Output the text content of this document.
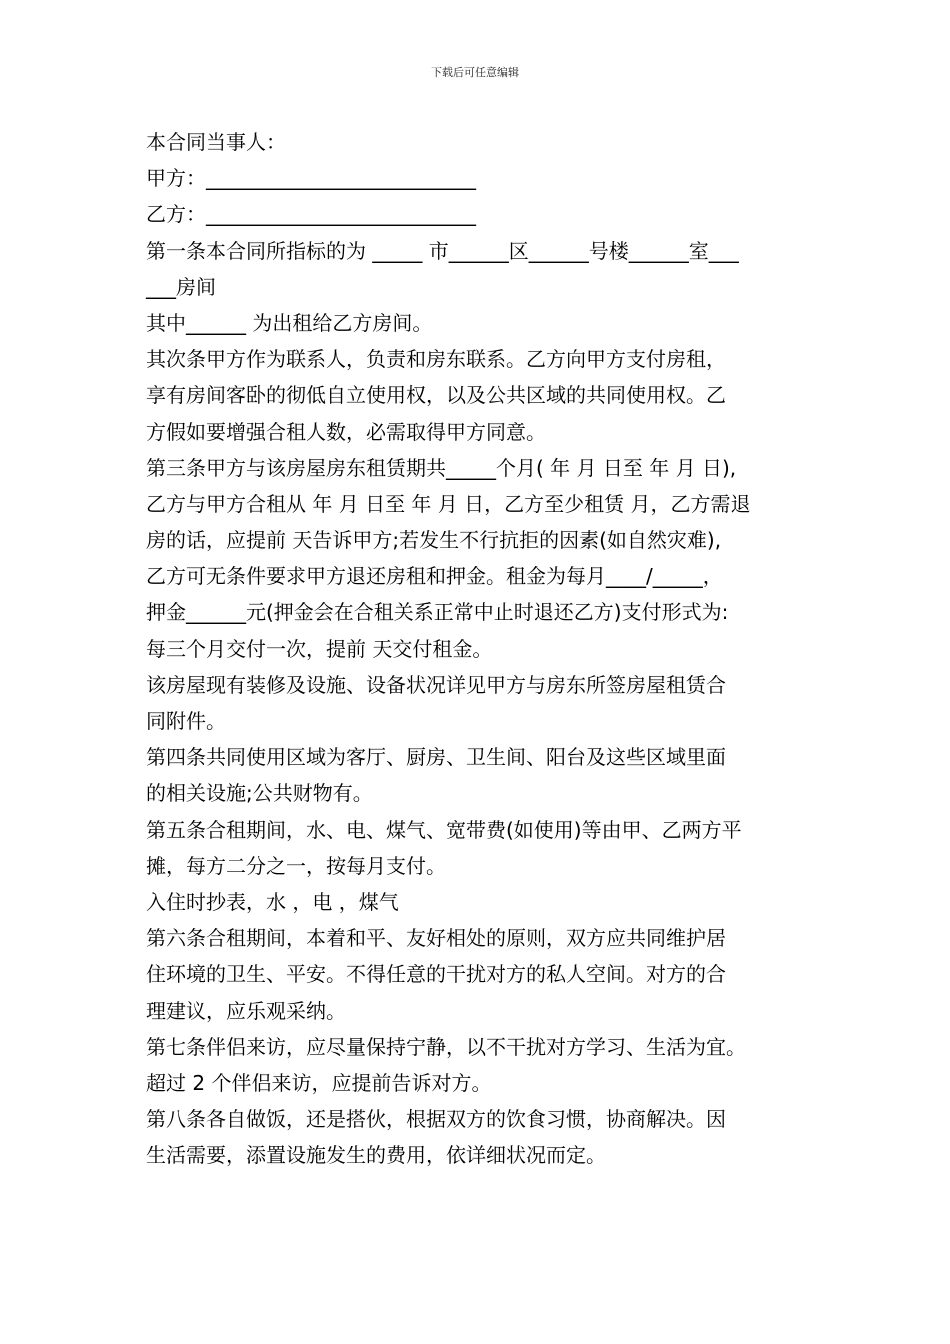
下载后可任意编辑
本合同当事人：
甲方：___________________________
乙方：___________________________
第一条本合同所指标的为 _____ 市______区______号楼______室___
___房间
其中______ 为出租给乙方房间。
其次条甲方作为联系人，负责和房东联系。乙方向甲方支付房租，
享有房间客卧的彻低自立使用权，以及公共区域的共同使用权。乙
方假如要增强合租人数，必需取得甲方同意。
第三条甲方与该房屋房东租赁期共_____个月( 年 月 日至 年 月 日),
乙方与甲方合租从 年 月 日至 年 月 日，乙方至少租赁 月，乙方需退
房的话，应提前 天告诉甲方;若发生不行抗拒的因素(如自然灾难),
乙方可无条件要求甲方退还房租和押金。租金为每月____/_____，
押金______元(押金会在合租关系正常中止时退还乙方)支付形式为:
每三个月交付一次，提前 天交付租金。
该房屋现有装修及设施、设备状况详见甲方与房东所签房屋租赁合
同附件。
第四条共同使用区域为客厅、厨房、卫生间、阳台及这些区域里面
的相关设施;公共财物有。
第五条合租期间，水、电、煤气、宽带费(如使用)等由甲、乙两方平
摊，每方二分之一，按每月支付。
入住时抄表，水 ，电 ，煤气
第六条合租期间，本着和平、友好相处的原则，双方应共同维护居
住环境的卫生、平安。不得任意的干扰对方的私人空间。对方的合
理建议，应乐观采纳。
第七条伴侣来访，应尽量保持宁静，以不干扰对方学习、生活为宜。
超过 2 个伴侣来访，应提前告诉对方。
第八条各自做饭，还是搭伙，根据双方的饮食习惯，协商解决。因
生活需要，添置设施发生的费用，依详细状况而定。
